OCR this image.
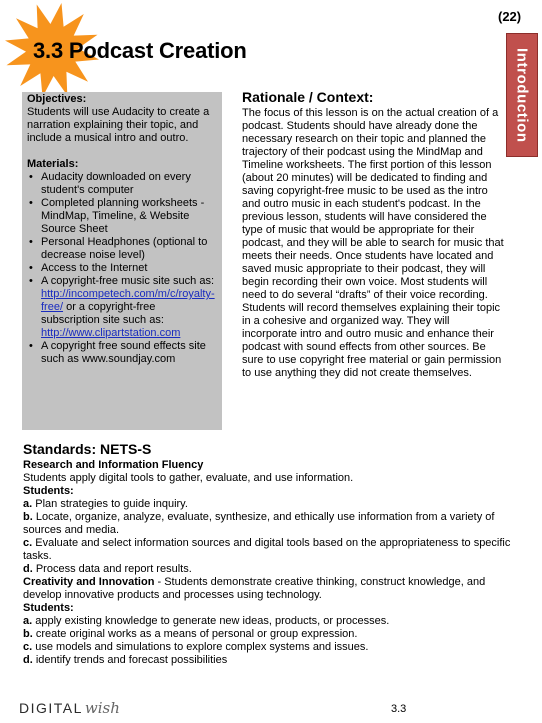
3.3 Podcast Creation
(22)
Introduction
Objectives:

Students will use Audacity to create a narration explaining their topic, and include a musical intro and outro.

Materials:
• Audacity downloaded on every student's computer
• Completed planning worksheets - MindMap, Timeline, & Website Source Sheet
• Personal Headphones (optional to decrease noise level)
• Access to the Internet
• A copyright-free music site such as:
http://incompetech.com/m/c/royalty-free/ or a copyright-free subscription site such as:
http://www.clipartstation.com
• A copyright free sound effects site such as www.soundjay.com
Rationale / Context:

The focus of this lesson is on the actual creation of a podcast. Students should have already done the necessary research on their topic and planned the trajectory of their podcast using the MindMap and Timeline worksheets. The first portion of this lesson (about 20 minutes) will be dedicated to finding and saving copyright-free music to be used as the intro and outro music in each student's podcast. In the previous lesson, students will have considered the type of music that would be appropriate for their podcast, and they will be able to search for music that meets their needs. Once students have located and saved music appropriate to their podcast, they will begin recording their own voice. Most students will need to do several “drafts” of their voice recording. Students will record themselves explaining their topic in a cohesive and organized way. They will incorporate intro and outro music and enhance their podcast with sound effects from other sources. Be sure to use copyright free material or gain permission to use anything they did not create themselves.

Standards: NETS-S

Research and Information Fluency

Students apply digital tools to gather, evaluate, and use information.

Students:

a. Plan strategies to guide inquiry.

b. Locate, organize, analyze, evaluate, synthesize, and ethically use information from a variety of sources and media.

c. Evaluate and select information sources and digital tools based on the appropriateness to specific tasks.

d. Process data and report results.

Creativity and Innovation - Students demonstrate creative thinking, construct knowledge, and develop innovative products and processes using technology.

Students:

a. apply existing knowledge to generate new ideas, products, or processes.

b. create original works as a means of personal or group expression.

c. use models and simulations to explore complex systems and issues.

d. identify trends and forecast possibilities

DIGITAL wish	3.3
